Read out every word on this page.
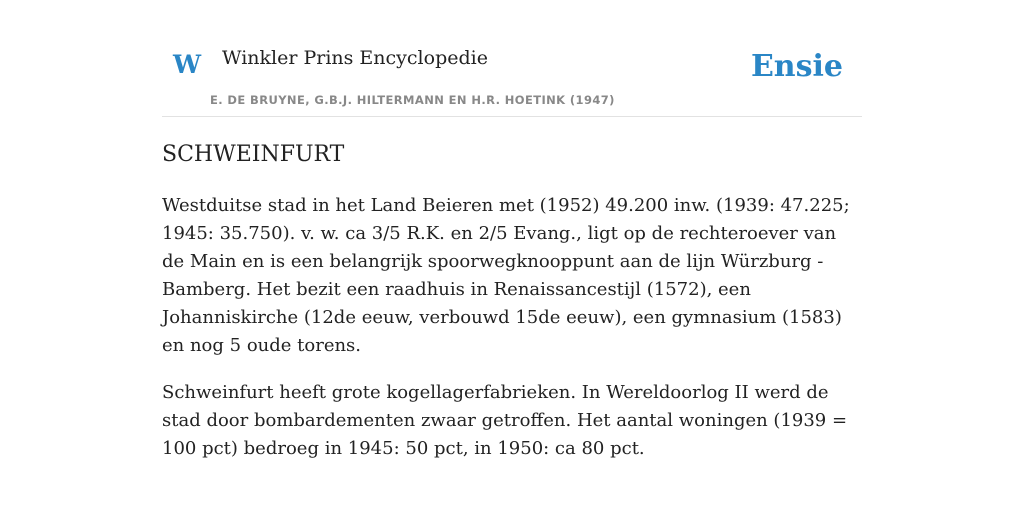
W Winkler Prins Encyclopedie
E. DE BRUYNE, G.B.J. HILTERMANN EN H.R. HOETINK (1947)
Ensie
SCHWEINFURT

Westduitse stad in het Land Beieren met (1952) 49.200 inw. (1939: 47.225; 1945: 35.750). v. w. ca 3/5 R.K. en 2/5 Evang., ligt op de rechteroever van de Main en is een belangrijk spoorwegknooppunt aan de lijn Würzburg - Bamberg. Het bezit een raadhuis in Renaissancestijl (1572), een Johanniskirche (12de eeuw, verbouwd 15de eeuw), een gymnasium (1583) en nog 5 oude torens.

Schweinfurt heeft grote kogellagerfabrieken. In Wereldoorlog II werd de stad door bombardementen zwaar getroffen. Het aantal woningen (1939 = 100 pct) bedroeg in 1945: 50 pct, in 1950: ca 80 pct.
